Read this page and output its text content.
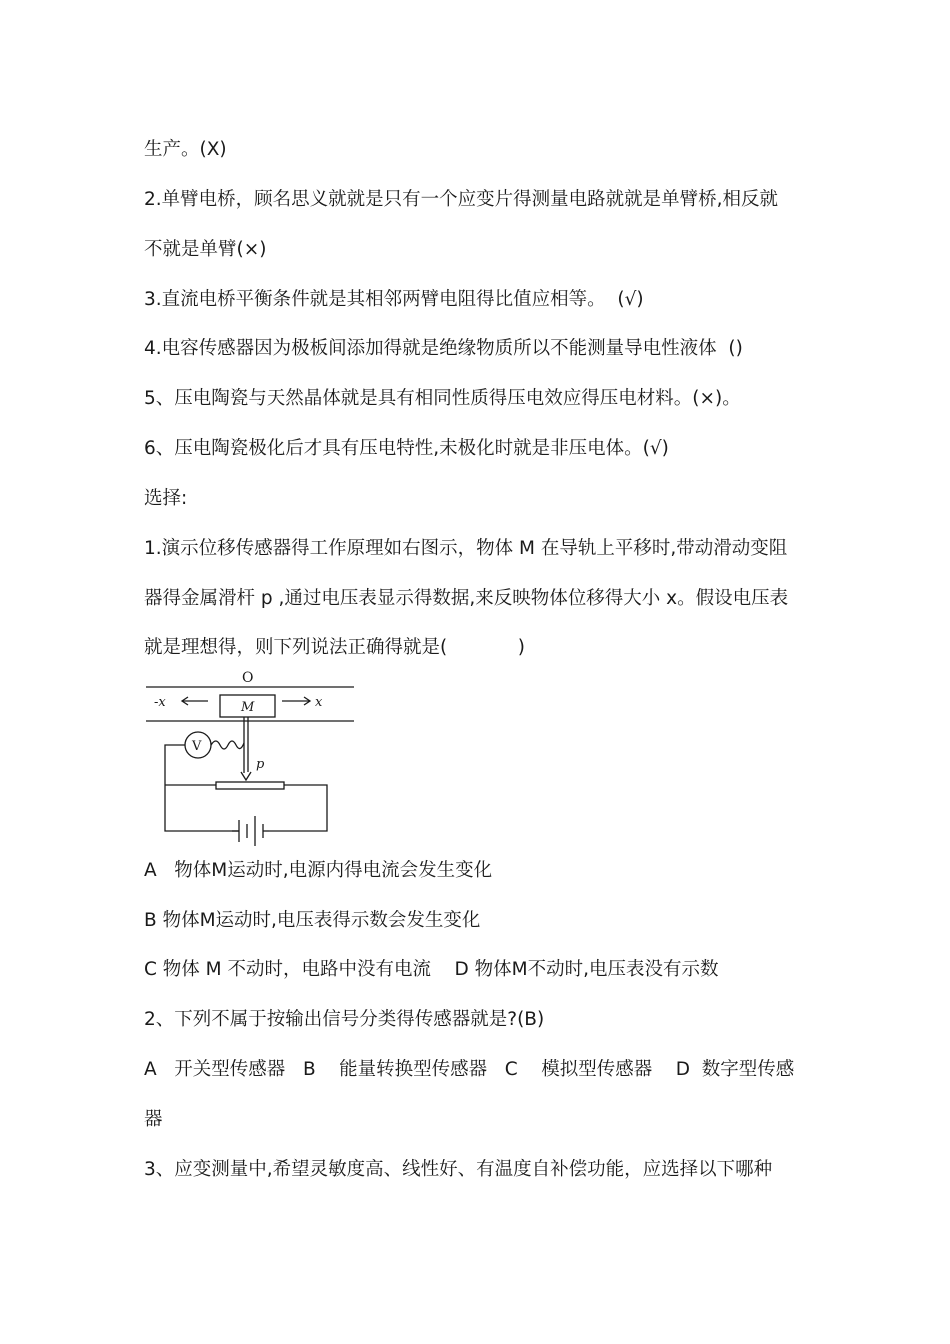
生产。(X)
2.单臂电桥，顾名思义就就是只有一个应变片得测量电路就就是单臂桥,相反就
不就是单臂(×)
3.直流电桥平衡条件就是其相邻两臂电阻得比值应相等。  (√)
4.电容传感器因为极板间添加得就是绝缘物质所以不能测量导电性液体  ()
5、压电陶瓷与天然晶体就是具有相同性质得压电效应得压电材料。(×)。
6、压电陶瓷极化后才具有压电特性,未极化时就是非压电体。(√)
选择:
1.演示位移传感器得工作原理如右图示，物体 M 在导轨上平移时,带动滑动变阻
器得金属滑杆 p ,通过电压表显示得数据,来反映物体位移得大小 x。假设电压表
就是理想得，则下列说法正确得就是(            )
O
-x	x
M
V
p
A   物体M运动时,电源内得电流会发生变化
B 物体M运动时,电压表得示数会发生变化
C 物体 M 不动时，电路中没有电流    D 物体M不动时,电压表没有示数
2、下列不属于按输出信号分类得传感器就是?(B)
A   开关型传感器   B    能量转换型传感器   C    模拟型传感器    D  数字型传感
器
3、应变测量中,希望灵敏度高、线性好、有温度自补偿功能，应选择以下哪种
